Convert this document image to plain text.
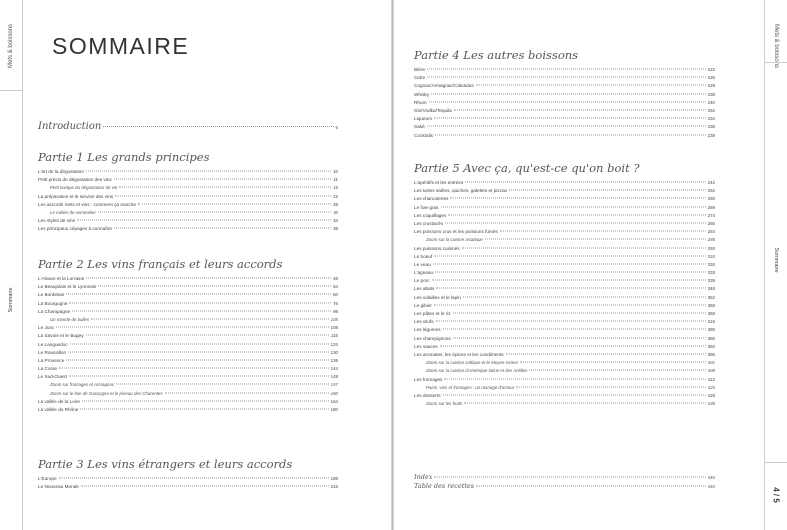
Mets & boissons
Sommaire
SOMMAIRE
Introduction	6
Partie 1 Les grands principes
L'art de la dégustation	10
Petit précis de dégustation des vins	11
Petit lexique du dégustateur de vin	16
La préparation et le service des vins	22
Les accords mets et vins : comment ça marche ?	28
Le métier de sommelier	30
Les styles de vins	34
Les principaux cépages à connaître	38
Partie 2 Les vins français et leurs accords
L'Alsace et la Lorraine	48
Le Beaujolais et le Lyonnais	54
Le Bordelais	60
La Bourgogne	76
La Champagne	98
Un monde de bulles	105
Le Jura	108
La Savoie et le Bugey	116
Le Languedoc	124
Le Roussillon	130
La Provence	136
La Corse	144
Le Sud-Ouest	148
Zoom sur fromages et Armagnac	157
Zoom sur le foie de Gascogne et le pineau des Charentes	160
La vallée de la Loire	164
La vallée du Rhône	180
Partie 3 Les vins étrangers et leurs accords
L'Europe	198
Le Nouveau Monde	216
Mets & boissons
Sommaire
4 / 5
Partie 4 Les autres boissons
Bière	222
Cidre	226
Cognac/Armagnac/Calvados	228
Whisky	238
Rhum	240
Gin/Vodka/Tequila	252
Liqueurs	234
Saké	236
Cocktails	238
Partie 5 Avec ça, qu'est-ce qu'on boit ?
L'apéritifs et les entrées	242
Les tartes salées, quiches, galettes et pizzas	252
Les charcuteries	260
Le foie gras	269
Les coquillages	274
Les crustacés	280
Les poissons crus et les poissons fumés	284
Zoom sur la cuisine asiatique	288
Les poissons cuisinés	293
Le boeuf	310
Le veau	326
L'agneau	333
Le porc	339
Les abats	348
Les volailles et le lapin	352
Le gibier	368
Les pâtes et le riz	368
Les œufs	316
Les légumes	380
Les champignons	380
Les sauces	392
Les aromates, les épices et les condiments	396
Zoom sur la cuisine celtique et le Moyen-Orient	401
Zoom sur la cuisine d'Amérique latine et des Antilles	408
Les fromages	412
Pains, vins et fromages : un mariage d'amour	425
Les desserts	428
Zoom sur les fruits	438
Index	440
Table des recettes	440
